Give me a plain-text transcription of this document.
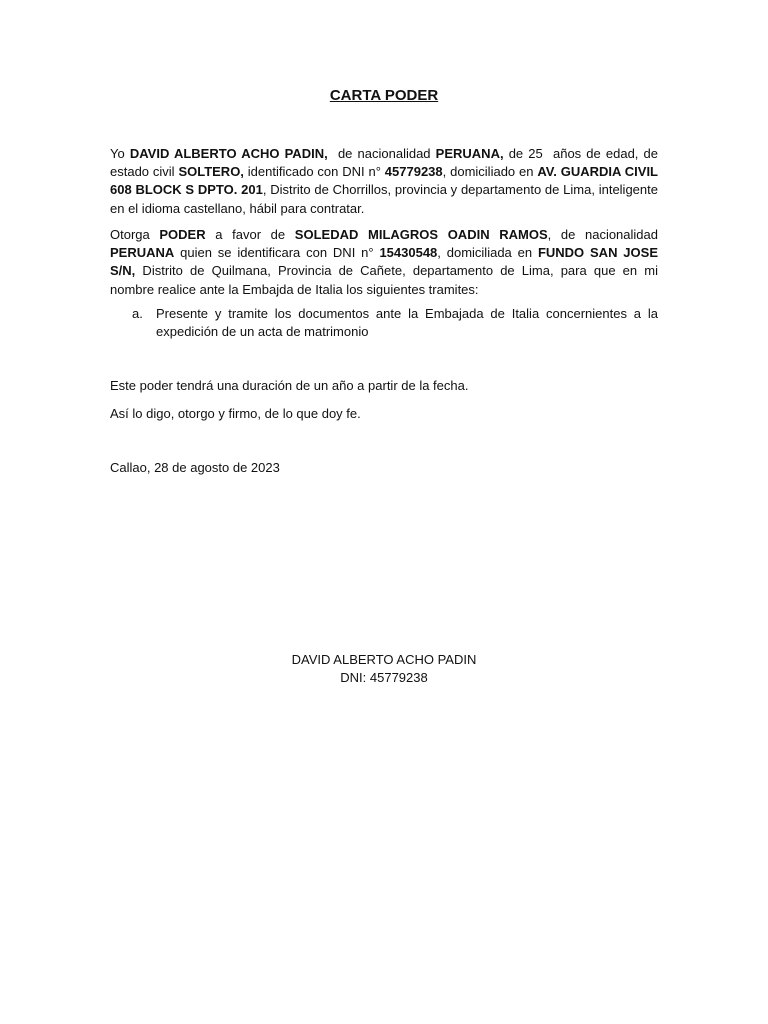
CARTA PODER

Yo DAVID ALBERTO ACHO PADIN,  de nacionalidad PERUANA, de 25  años de edad, de estado civil SOLTERO, identificado con DNI n° 45779238, domiciliado en AV. GUARDIA CIVIL 608 BLOCK S DPTO. 201, Distrito de Chorrillos, provincia y departamento de Lima, inteligente en el idioma castellano, hábil para contratar.

Otorga PODER a favor de SOLEDAD MILAGROS OADIN RAMOS, de nacionalidad PERUANA quien se identificara con DNI n° 15430548, domiciliada en FUNDO SAN JOSE S/N, Distrito de Quilmana, Provincia de Cañete, departamento de Lima, para que en mi nombre realice ante la Embajda de Italia los siguientes tramites:

a. Presente y tramite los documentos ante la Embajada de Italia concernientes a la expedición de un acta de matrimonio
Este poder tendrá una duración de un año a partir de la fecha.
Así lo digo, otorgo y firmo, de lo que doy fe.
Callao, 28 de agosto de 2023
DAVID ALBERTO ACHO PADIN
DNI: 45779238
